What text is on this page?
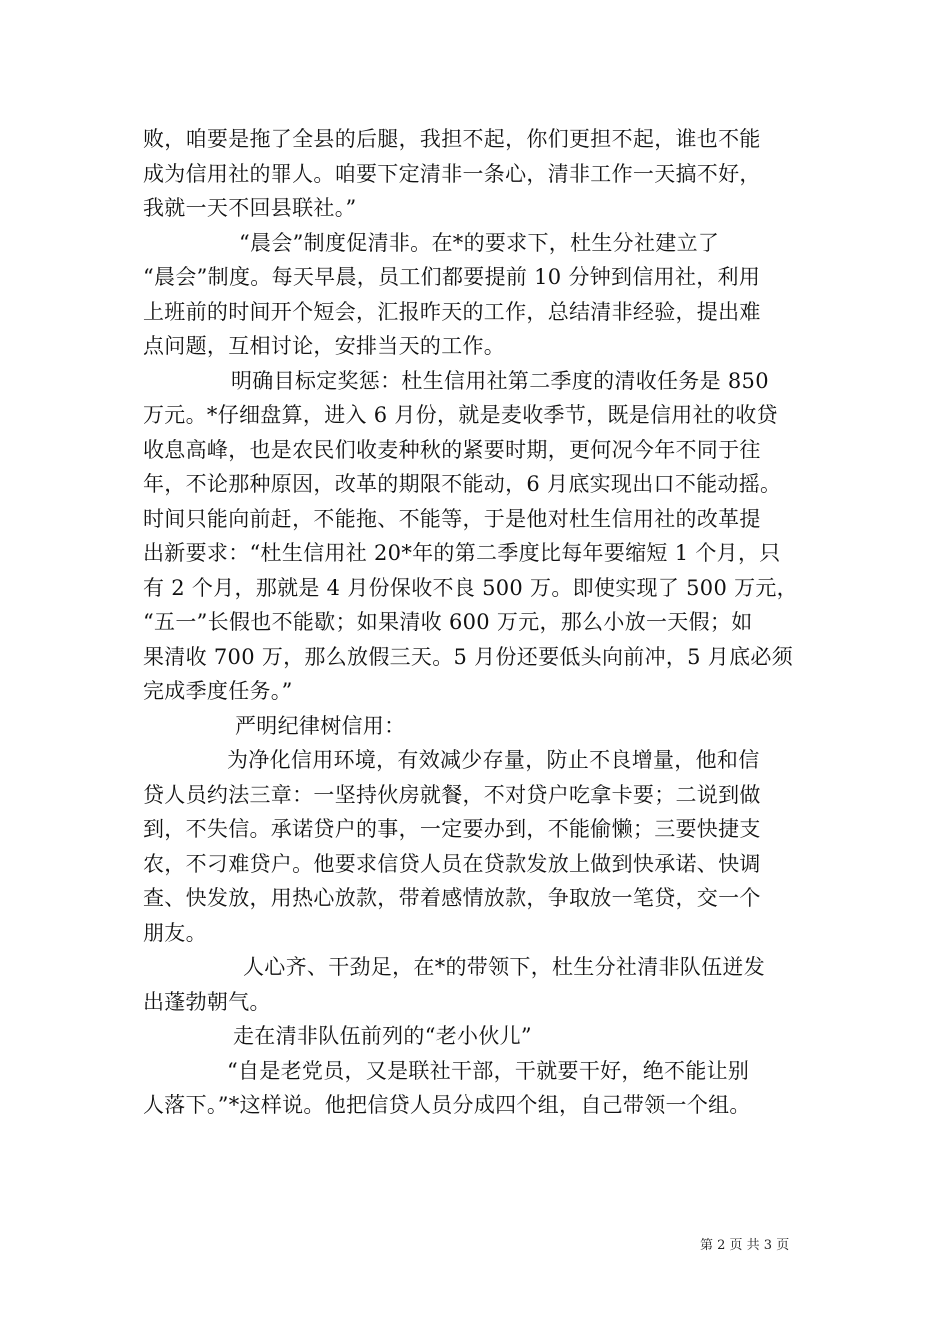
败，咱要是拖了全县的后腿，我担不起，你们更担不起，谁也不能
成为信用社的罪人。咱要下定清非一条心，清非工作一天搞不好，
我就一天不回县联社。”
“晨会”制度促清非。在*的要求下，杜生分社建立了
“晨会”制度。每天早晨，员工们都要提前 10 分钟到信用社，利用
上班前的时间开个短会，汇报昨天的工作，总结清非经验，提出难
点问题，互相讨论，安排当天的工作。
明确目标定奖惩：杜生信用社第二季度的清收任务是 850
万元。*仔细盘算，进入 6 月份，就是麦收季节，既是信用社的收贷
收息高峰，也是农民们收麦种秋的紧要时期，更何况今年不同于往
年，不论那种原因，改革的期限不能动，6 月底实现出口不能动摇。
时间只能向前赶，不能拖、不能等，于是他对杜生信用社的改革提
出新要求：“杜生信用社 20*年的第二季度比每年要缩短 1 个月，只
有 2 个月，那就是 4 月份保收不良 500 万。即使实现了 500 万元，
“五一”长假也不能歇；如果清收 600 万元，那么小放一天假；如
果清收 700 万，那么放假三天。5 月份还要低头向前冲，5 月底必须
完成季度任务。”
严明纪律树信用：
为净化信用环境，有效减少存量，防止不良增量，他和信
贷人员约法三章：一坚持伙房就餐，不对贷户吃拿卡要；二说到做
到，不失信。承诺贷户的事，一定要办到，不能偷懒；三要快捷支
农，不刁难贷户。他要求信贷人员在贷款发放上做到快承诺、快调
查、快发放，用热心放款，带着感情放款，争取放一笔贷，交一个
朋友。
人心齐、干劲足，在*的带领下，杜生分社清非队伍迸发
出蓬勃朝气。
走在清非队伍前列的“老小伙儿”
“自是老党员，又是联社干部，干就要干好，绝不能让别
人落下。”*这样说。他把信贷人员分成四个组，自己带领一个组。
第 2 页 共 3 页
